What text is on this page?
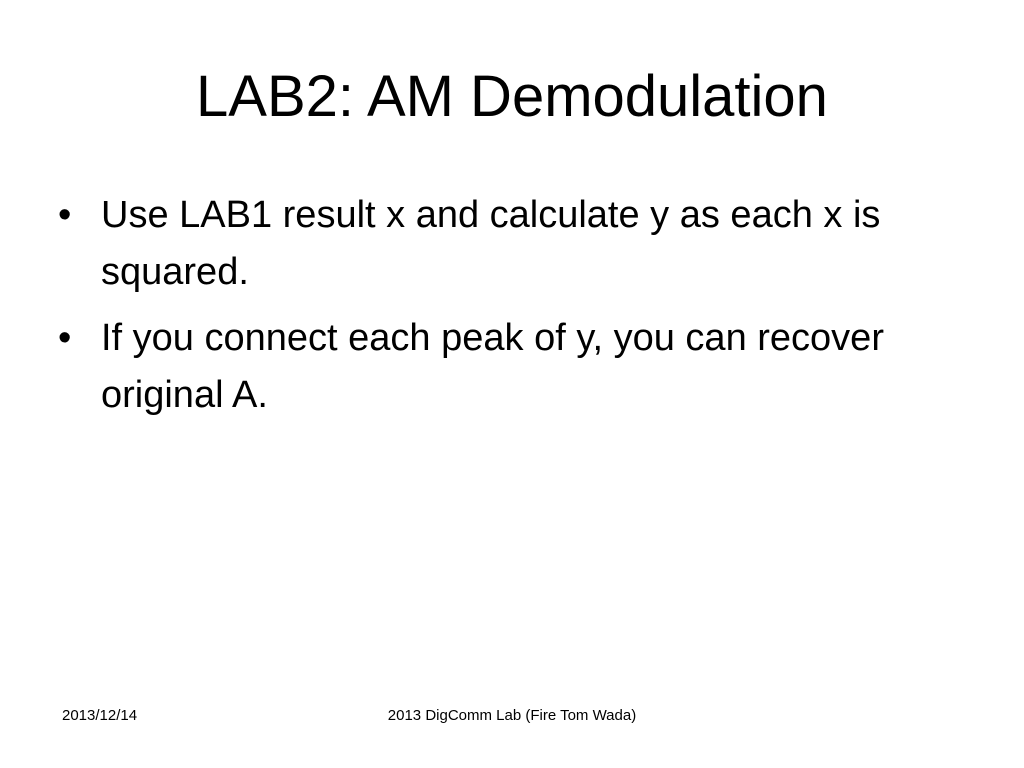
LAB2: AM Demodulation
• Use LAB1 result x and calculate y as each x is squared.
• If you connect each peak of y, you can recover original A.
2013/12/14	2013 DigComm Lab (Fire Tom Wada)
